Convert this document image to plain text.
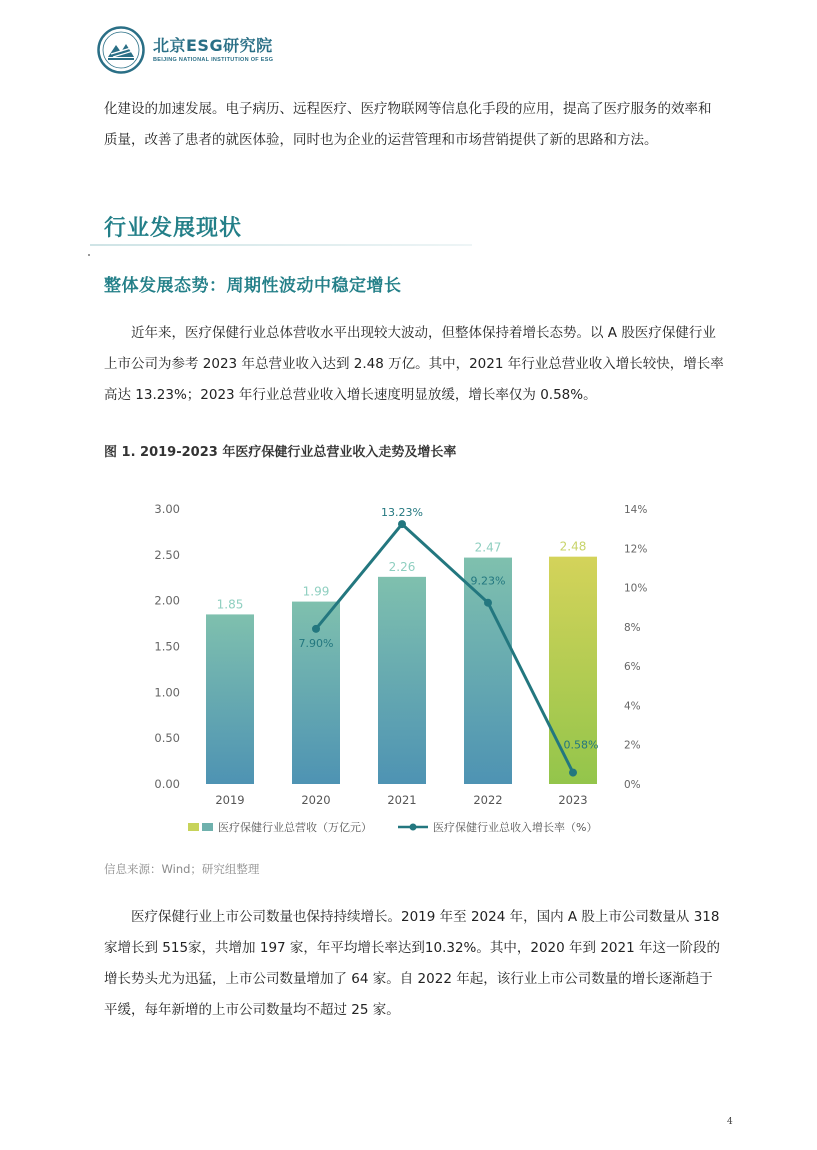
北京ESG研究院
BEIJING NATIONAL INSTITUTION OF ESG

化建设的加速发展。电子病历、远程医疗、医疗物联网等信息化手段的应用，提高了医疗服务的效率和质量，改善了患者的就医体验，同时也为企业的运营管理和市场营销提供了新的思路和方法。

行业发展现状
整体发展态势：周期性波动中稳定增长

近年来，医疗保健行业总体营收水平出现较大波动，但整体保持着增长态势。以 A 股医疗保健行业上市公司为参考 2023 年总营业收入达到 2.48 万亿。其中，2021 年行业总营业收入增长较快，增长率高达 13.23%；2023 年行业总营业收入增长速度明显放缓，增长率仅为 0.58%。

图 1. 2019-2023 年医疗保健行业总营业收入走势及增长率
0.00
0.50
1.00
1.50
2.00
2.50
3.00
0%
2%
4%
6%
8%
10%
12%
14%
1.85
1.99
2.26
2.47	2.48
2019	2020	2021	2022	2023
7.90%
13.23%
9.23%
0.58%
医疗保健行业总营收（万亿元）	医疗保健行业总收入增长率（%）
信息来源：Wind；研究组整理

医疗保健行业上市公司数量也保持持续增长。2019 年至 2024 年，国内 A 股上市公司数量从 318 家增长到 515家，共增加 197 家，年平均增长率达到10.32%。其中，2020 年到 2021 年这一阶段的增长势头尤为迅猛，上市公司数量增加了 64 家。自 2022 年起，该行业上市公司数量的增长逐渐趋于平缓，每年新增的上市公司数量均不超过 25 家。

4
